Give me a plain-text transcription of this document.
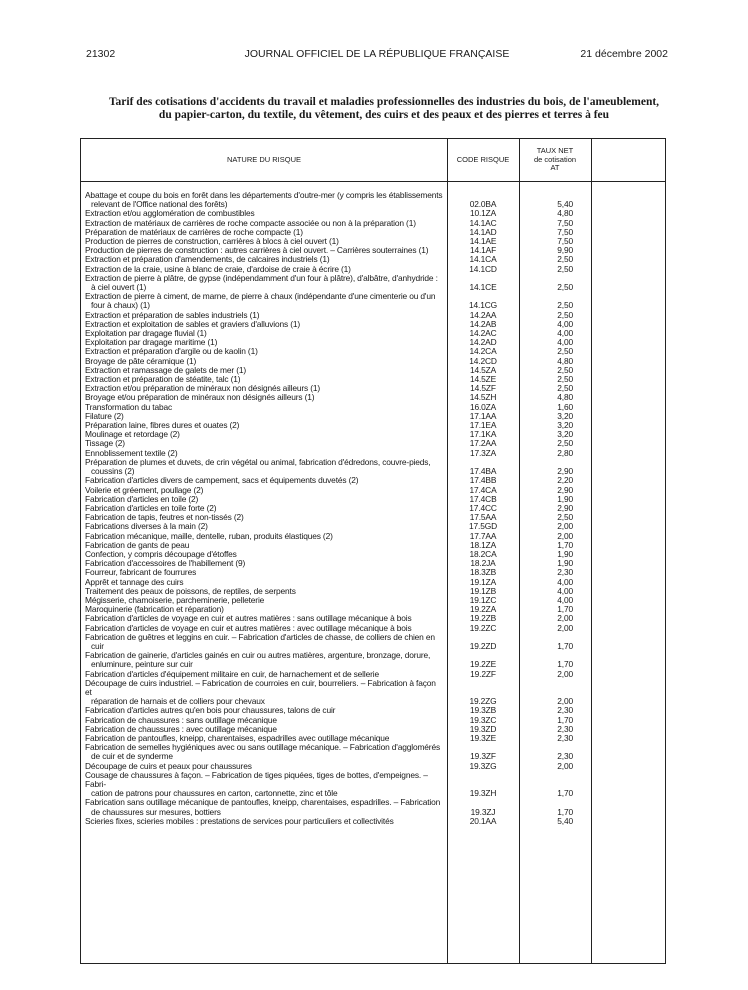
21302	JOURNAL OFFICIEL DE LA RÉPUBLIQUE FRANÇAISE	21 décembre 2002
Tarif des cotisations d'accidents du travail et maladies professionnelles des industries du bois, de l'ameublement,
du papier-carton, du textile, du vêtement, des cuirs et des peaux et des pierres et terres à feu
NATURE DU RISQUE	CODE RISQUE
TAUX NET
de cotisation
AT
Abattage et coupe du bois en forêt dans les départements d'outre-mer (y compris les établissements
relevant de l'Office national des forêts)	02.0BA	5,40
Extraction et/ou agglomération de combustibles	10.1ZA	4,80
Extraction de matériaux de carrières de roche compacte associée ou non à la préparation (1)	14.1AC	7,50
Préparation de matériaux de carrières de roche compacte (1)	14.1AD	7,50
Production de pierres de construction, carrières à blocs à ciel ouvert (1)	14.1AE	7,50
Production de pierres de construction : autres carrières à ciel ouvert. – Carrières souterraines (1)	14.1AF	9,90
Extraction et préparation d'amendements, de calcaires industriels (1)	14.1CA	2,50
Extraction de la craie, usine à blanc de craie, d'ardoise de craie à écrire (1)	14.1CD	2,50
Extraction de pierre à plâtre, de gypse (indépendamment d'un four à plâtre), d'albâtre, d'anhydride :
à ciel ouvert (1)	14.1CE	2,50
Extraction de pierre à ciment, de marne, de pierre à chaux (indépendante d'une cimenterie ou d'un
four à chaux) (1)	14.1CG	2,50
Extraction et préparation de sables industriels (1)	14.2AA	2,50
Extraction et exploitation de sables et graviers d'alluvions (1)	14.2AB	4,00
Exploitation par dragage fluvial (1)	14.2AC	4,00
Exploitation par dragage maritime (1)	14.2AD	4,00
Extraction et préparation d'argile ou de kaolin (1)	14.2CA	2,50
Broyage de pâte céramique (1)	14.2CD	4,80
Extraction et ramassage de galets de mer (1)	14.5ZA	2,50
Extraction et préparation de stéatite, talc (1)	14.5ZE	2,50
Extraction et/ou préparation de minéraux non désignés ailleurs (1)	14.5ZF	2,50
Broyage et/ou préparation de minéraux non désignés ailleurs (1)	14.5ZH	4,80
Transformation du tabac	16.0ZA	1,60
Filature (2)	17.1AA	3,20
Préparation laine, fibres dures et ouates (2)	17.1EA	3,20
Moulinage et retordage (2)	17.1KA	3,20
Tissage (2)	17.2AA	2,50
Ennoblissement textile (2)	17.3ZA	2,80
Préparation de plumes et duvets, de crin végétal ou animal, fabrication d'édredons, couvre-pieds,
coussins (2)	17.4BA	2,90
Fabrication d'articles divers de campement, sacs et équipements duvetés (2)	17.4BB	2,20
Voilerie et gréement, poullage (2)	17.4CA	2,90
Fabrication d'articles en toile (2)	17.4CB	1,90
Fabrication d'articles en toile forte (2)	17.4CC	2,90
Fabrication de tapis, feutres et non-tissés (2)	17.5AA	2,50
Fabrications diverses à la main (2)	17.5GD	2,00
Fabrication mécanique, maille, dentelle, ruban, produits élastiques (2)	17.7AA	2,00
Fabrication de gants de peau	18.1ZA	1,70
Confection, y compris découpage d'étoffes	18.2CA	1,90
Fabrication d'accessoires de l'habillement (9)	18.2JA	1,90
Fourreur, fabricant de fourrures	18.3ZB	2,30
Apprêt et tannage des cuirs	19.1ZA	4,00
Traitement des peaux de poissons, de reptiles, de serpents	19.1ZB	4,00
Mégisserie, chamoiserie, parcheminerie, pelleterie	19.1ZC	4,00
Maroquinerie (fabrication et réparation)	19.2ZA	1,70
Fabrication d'articles de voyage en cuir et autres matières : sans outillage mécanique à bois	19.2ZB	2,00
Fabrication d'articles de voyage en cuir et autres matières : avec outillage mécanique à bois	19.2ZC	2,00
Fabrication de guêtres et leggins en cuir. – Fabrication d'articles de chasse, de colliers de chien en
cuir	19.2ZD	1,70
Fabrication de gainerie, d'articles gainés en cuir ou autres matières, argenture, bronzage, dorure,
enluminure, peinture sur cuir	19.2ZE	1,70
Fabrication d'articles d'équipement militaire en cuir, de harnachement et de sellerie	19.2ZF	2,00
Découpage de cuirs industriel. – Fabrication de courroies en cuir, bourreliers. – Fabrication à façon et
réparation de harnais et de colliers pour chevaux	19.2ZG	2,00
Fabrication d'articles autres qu'en bois pour chaussures, talons de cuir	19.3ZB	2,30
Fabrication de chaussures : sans outillage mécanique	19.3ZC	1,70
Fabrication de chaussures : avec outillage mécanique	19.3ZD	2,30
Fabrication de pantoufles, kneipp, charentaises, espadrilles avec outillage mécanique	19.3ZE	2,30
Fabrication de semelles hygiéniques avec ou sans outillage mécanique. – Fabrication d'agglomérés
de cuir et de synderme	19.3ZF	2,30
Découpage de cuirs et peaux pour chaussures	19.3ZG	2,00
Cousage de chaussures à façon. – Fabrication de tiges piquées, tiges de bottes, d'empeignes. – Fabri-
cation de patrons pour chaussures en carton, cartonnette, zinc et tôle	19.3ZH	1,70
Fabrication sans outillage mécanique de pantoufles, kneipp, charentaises, espadrilles. – Fabrication
de chaussures sur mesures, bottiers	19.3ZJ	1,70
Scieries fixes, scieries mobiles : prestations de services pour particuliers et collectivités	20.1AA	5,40
